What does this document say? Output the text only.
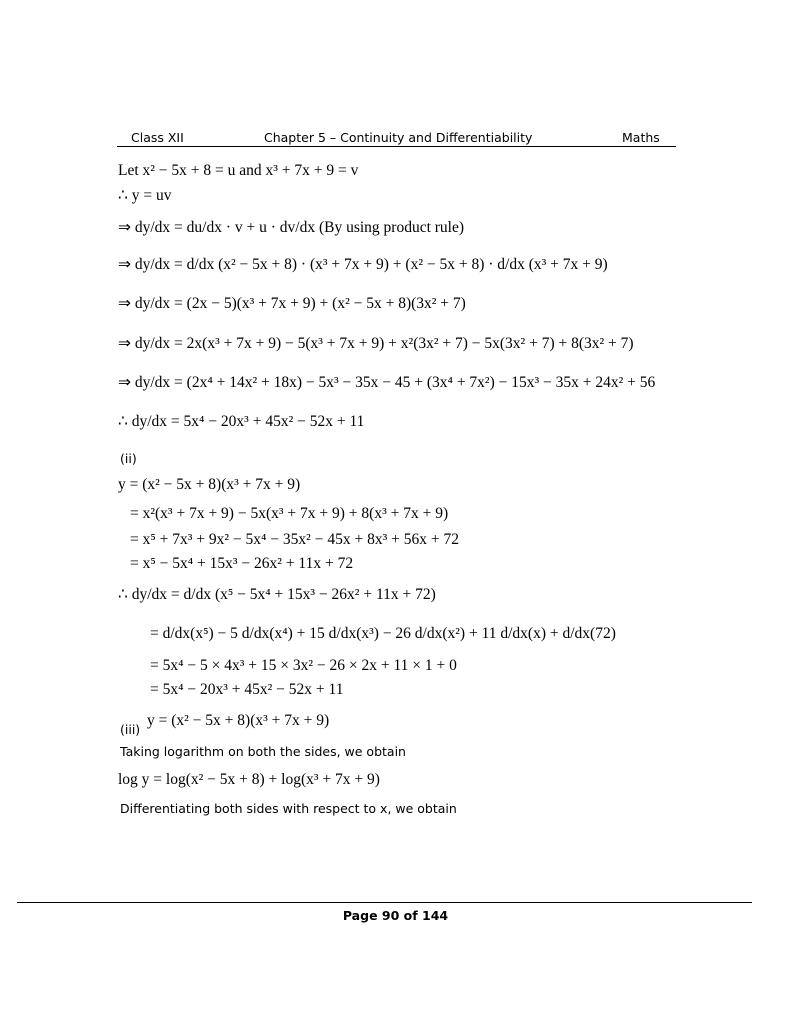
Class XII	Chapter 5 – Continuity and Differentiability	Maths
Let x² − 5x + 8 = u and x³ + 7x + 9 = v
∴ y = uv
⇒ dy/dx = du/dx · v + u · dv/dx (By using product rule)
⇒ dy/dx = d/dx (x² − 5x + 8) · (x³ + 7x + 9) + (x² − 5x + 8) · d/dx (x³ + 7x + 9)
⇒ dy/dx = (2x − 5)(x³ + 7x + 9) + (x² − 5x + 8)(3x² + 7)
⇒ dy/dx = 2x(x³ + 7x + 9) − 5(x³ + 7x + 9) + x²(3x² + 7) − 5x(3x² + 7) + 8(3x² + 7)
⇒ dy/dx = (2x⁴ + 14x² + 18x) − 5x³ − 35x − 45 + (3x⁴ + 7x²) − 15x³ − 35x + 24x² + 56
∴ dy/dx = 5x⁴ − 20x³ + 45x² − 52x + 11
(ii)
y = (x² − 5x + 8)(x³ + 7x + 9)
= x²(x³ + 7x + 9) − 5x(x³ + 7x + 9) + 8(x³ + 7x + 9)
= x⁵ + 7x³ + 9x² − 5x⁴ − 35x² − 45x + 8x³ + 56x + 72
= x⁵ − 5x⁴ + 15x³ − 26x² + 11x + 72
∴ dy/dx = d/dx (x⁵ − 5x⁴ + 15x³ − 26x² + 11x + 72)
= d/dx(x⁵) − 5 d/dx(x⁴) + 15 d/dx(x³) − 26 d/dx(x²) + 11 d/dx(x) + d/dx(72)
= 5x⁴ − 5 × 4x³ + 15 × 3x² − 26 × 2x + 11 × 1 + 0
= 5x⁴ − 20x³ + 45x² − 52x + 11
(iii)
y = (x² − 5x + 8)(x³ + 7x + 9)
Taking logarithm on both the sides, we obtain
log y = log(x² − 5x + 8) + log(x³ + 7x + 9)
Differentiating both sides with respect to x, we obtain
Page 90 of 144
